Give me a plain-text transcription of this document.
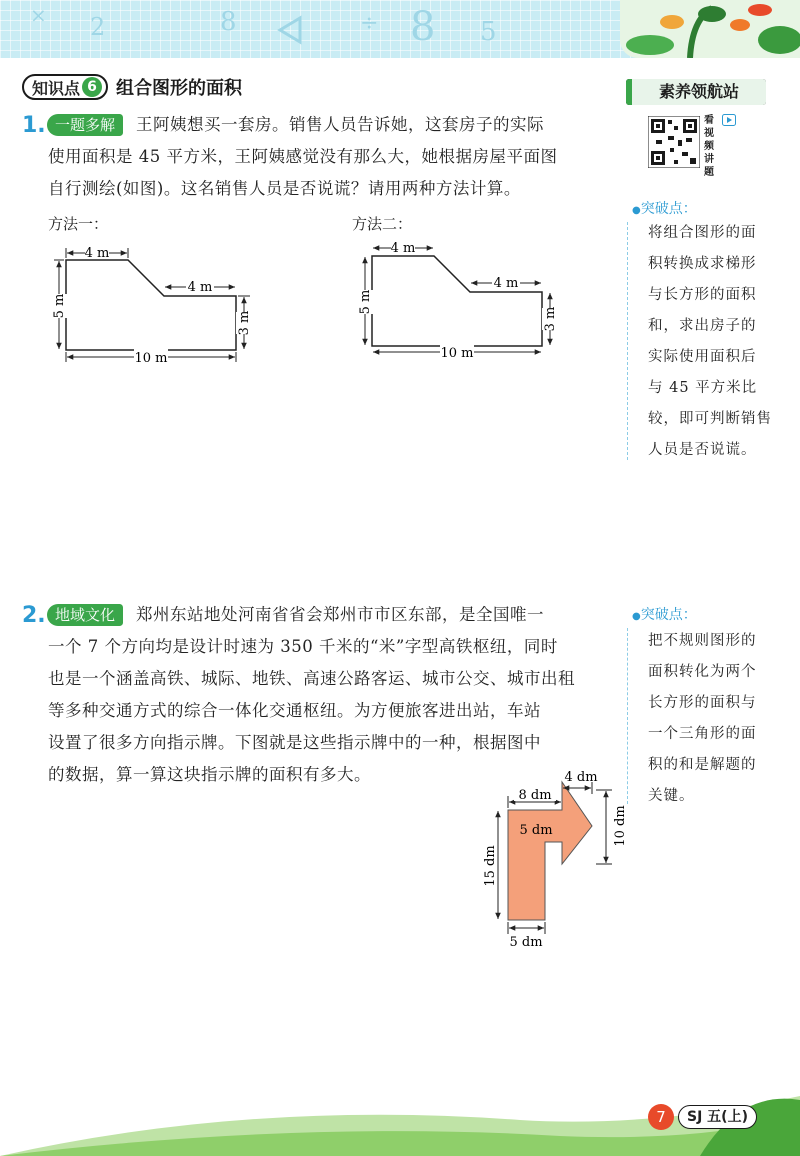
× 2	8	÷ 8 5
知识点 6 组合图形的面积	素养领航站
看视频讲题
●突破点：
将组合图形的面
积转换成求梯形
与长方形的面积
和，求出房子的
实际使用面积后
与 45 平方米比
较，即可判断销售
人员是否说谎。
●突破点：
把不规则图形的
面积转化为两个
长方形的面积与
一个三角形的面
积的和是解题的
关键。
1. 一题多解	王阿姨想买一套房。销售人员告诉她，这套房子的实际
使用面积是 45 平方米，王阿姨感觉没有那么大，她根据房屋平面图
自行测绘(如图)。这名销售人员是否说谎？请用两种方法计算。
方法一：	方法二：
4 m
4 m
5 m
3 m
10 m
4 m
4 m
5 m
3 m
10 m
2. 地域文化	郑州东站地处河南省省会郑州市市区东部，是全国唯一
一个 7 个方向均是设计时速为 350 千米的“米”字型高铁枢纽，同时
也是一个涵盖高铁、城际、地铁、高速公路客运、城市公交、城市出租
等多种交通方式的综合一体化交通枢纽。为方便旅客进出站，车站
设置了很多方向指示牌。下图就是这些指示牌中的一种，根据图中
的数据，算一算这块指示牌的面积有多大。	4 dm
8 dm
5 dm	10 dm
15 dm
5 dm
7	SJ 五(上)
